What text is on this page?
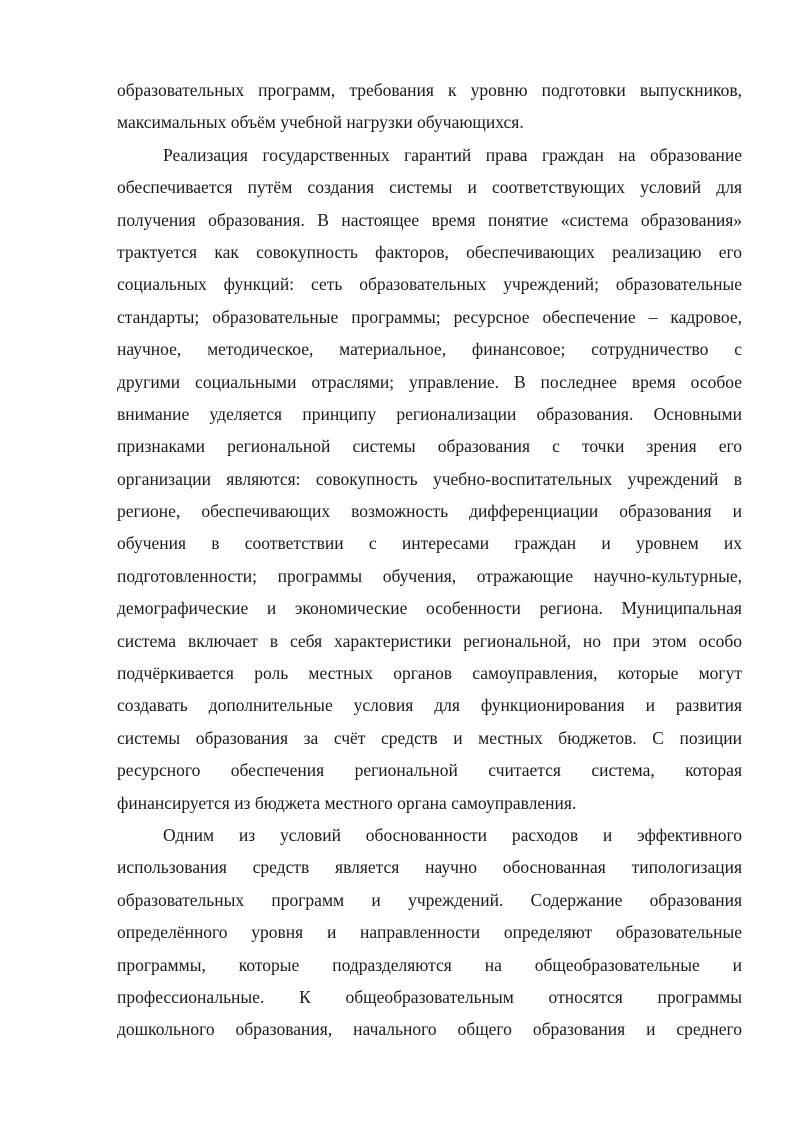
образовательных программ, требования к уровню подготовки выпускников,
максимальных объём учебной нагрузки обучающихся.
Реализация государственных гарантий права граждан на образование
обеспечивается путём создания системы и соответствующих условий для
получения образования. В настоящее время понятие «система образования»
трактуется как совокупность факторов, обеспечивающих реализацию его
социальных функций: сеть образовательных учреждений; образовательные
стандарты; образовательные программы; ресурсное обеспечение – кадровое,
научное, методическое, материальное, финансовое; сотрудничество с
другими социальными отраслями; управление. В последнее время особое
внимание уделяется принципу регионализации образования. Основными
признаками региональной системы образования с точки зрения его
организации являются: совокупность учебно-воспитательных учреждений в
регионе, обеспечивающих возможность дифференциации образования и
обучения в соответствии с интересами граждан и уровнем их
подготовленности; программы обучения, отражающие научно-культурные,
демографические и экономические особенности региона. Муниципальная
система включает в себя характеристики региональной, но при этом особо
подчёркивается роль местных органов самоуправления, которые могут
создавать дополнительные условия для функционирования и развития
системы образования за счёт средств и местных бюджетов. С позиции
ресурсного обеспечения региональной считается система, которая
финансируется из бюджета местного органа самоуправления.
Одним из условий обоснованности расходов и эффективного
использования средств является научно обоснованная типологизация
образовательных программ и учреждений. Содержание образования
определённого уровня и направленности определяют образовательные
программы, которые подразделяются на общеобразовательные и
профессиональные. К общеобразовательным относятся программы
дошкольного образования, начального общего образования и среднего
